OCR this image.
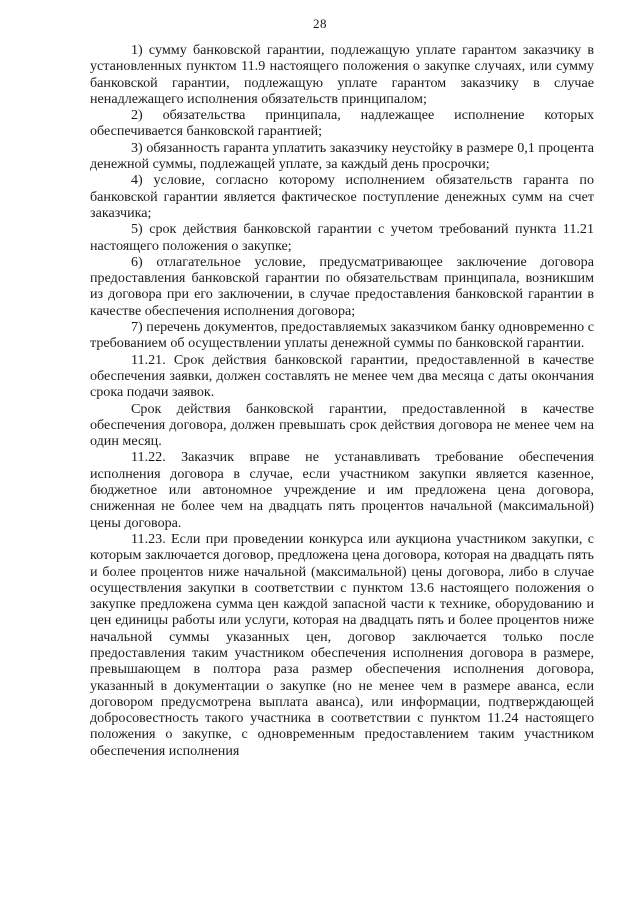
28

1) сумму банковской гарантии, подлежащую уплате гарантом заказчику в установленных пунктом 11.9 настоящего положения о закупке случаях, или сумму банковской гарантии, подлежащую уплате гарантом заказчику в случае ненадлежащего исполнения обязательств принципалом;

2) обязательства принципала, надлежащее исполнение которых обеспечивается банковской гарантией;

3) обязанность гаранта уплатить заказчику неустойку в размере 0,1 процента денежной суммы, подлежащей уплате, за каждый день просрочки;

4) условие, согласно которому исполнением обязательств гаранта по банковской гарантии является фактическое поступление денежных сумм на счет заказчика;

5) срок действия банковской гарантии с учетом требований пункта 11.21 настоящего положения о закупке;

6) отлагательное условие, предусматривающее заключение договора предоставления банковской гарантии по обязательствам принципала, возникшим из договора при его заключении, в случае предоставления банковской гарантии в качестве обеспечения исполнения договора;

7) перечень документов, предоставляемых заказчиком банку одновременно с требованием об осуществлении уплаты денежной суммы по банковской гарантии.

11.21. Срок действия банковской гарантии, предоставленной в качестве обеспечения заявки, должен составлять не менее чем два месяца с даты окончания срока подачи заявок.

Срок действия банковской гарантии, предоставленной в качестве обеспечения договора, должен превышать срок действия договора не менее чем на один месяц.

11.22. Заказчик вправе не устанавливать требование обеспечения исполнения договора в случае, если участником закупки является казенное, бюджетное или автономное учреждение и им предложена цена договора, сниженная не более чем на двадцать пять процентов начальной (максимальной) цены договора.

11.23. Если при проведении конкурса или аукциона участником закупки, с которым заключается договор, предложена цена договора, которая на двадцать пять и более процентов ниже начальной (максимальной) цены договора, либо в случае осуществления закупки в соответствии с пунктом 13.6 настоящего положения о закупке предложена сумма цен каждой запасной части к технике, оборудованию и цен единицы работы или услуги, которая на двадцать пять и более процентов ниже начальной суммы указанных цен, договор заключается только после предоставления таким участником обеспечения исполнения договора в размере, превышающем в полтора раза размер обеспечения исполнения договора, указанный в документации о закупке (но не менее чем в размере аванса, если договором предусмотрена выплата аванса), или информации, подтверждающей добросовестность такого участника в соответствии с пунктом 11.24 настоящего положения о закупке, с одновременным предоставлением таким участником обеспечения исполнения
